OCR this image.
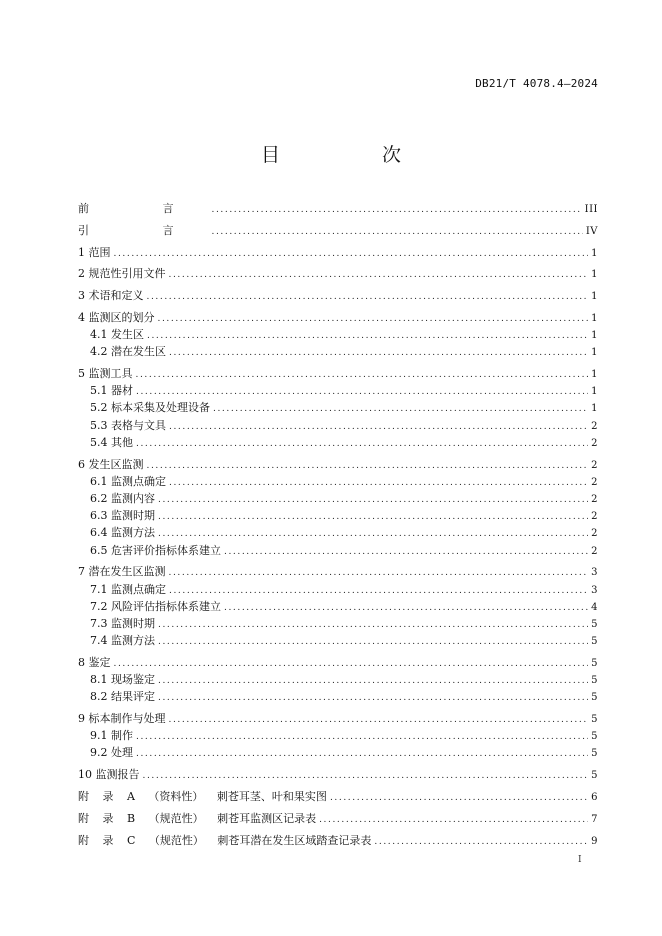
DB21/T 4078.4—2024
目 次
前 言 .....	III
引 言 .....	IV
1 范围 .....	1
2 规范性引用文件 .....	1
3 术语和定义 .....	1
4 监测区的划分 .....	1
4.1 发生区 .....	1
4.2 潜在发生区 .....	1
5 监测工具 .....	1
5.1 器材 .....	1
5.2 标本采集及处理设备 .....	1
5.3 表格与文具 .....	2
5.4 其他 .....	2
6 发生区监测 .....	2
6.1 监测点确定 .....	2
6.2 监测内容 .....	2
6.3 监测时期 .....	2
6.4 监测方法 .....	2
6.5 危害评价指标体系建立 .....	2
7 潜在发生区监测 .....	3
7.1 监测点确定 .....	3
7.2 风险评估指标体系建立 .....	4
7.3 监测时期 .....	5
7.4 监测方法 .....	5
8 鉴定 .....	5
8.1 现场鉴定 .....	5
8.2 结果评定 .....	5
9 标本制作与处理 .....	5
9.1 制作 .....	5
9.2 处理 .....	5
10 监测报告 .....	5
附 录 A （资料性） 刺苍耳茎、叶和果实图 .....	6
附 录 B （规范性） 刺苍耳监测区记录表 .....	7
附 录 C （规范性） 刺苍耳潜在发生区域踏查记录表 .....	9
I
